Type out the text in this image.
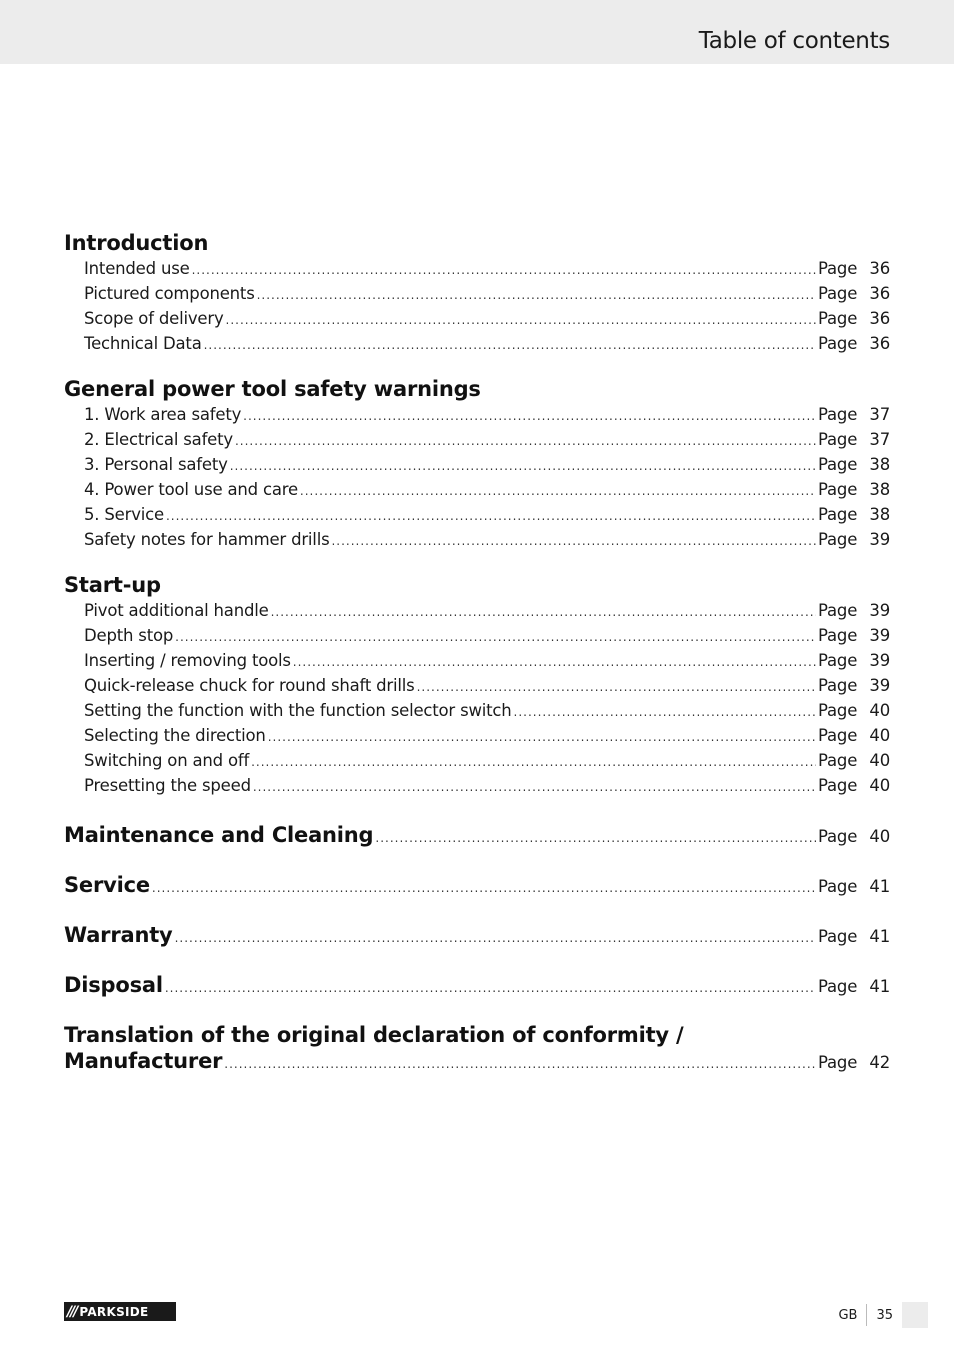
Table of contents
Introduction
Intended use .....	Page 36
Pictured components .....	Page 36
Scope of delivery .....	Page 36
Technical Data .....	Page 36
General power tool safety warnings
1. Work area safety .....	Page 37
2. Electrical safety .....	Page 37
3. Personal safety .....	Page 38
4. Power tool use and care .....	Page 38
5. Service .....	Page 38
Safety notes for hammer drills .....	Page 39
Start-up
Pivot additional handle .....	Page 39
Depth stop .....	Page 39
Inserting / removing tools .....	Page 39
Quick-release chuck for round shaft drills .....	Page 39
Setting the function with the function selector switch .....	Page 40
Selecting the direction .....	Page 40
Switching on and off .....	Page 40
Presetting the speed .....	Page 40
Maintenance and Cleaning .....	Page 40
Service .....	Page 41
Warranty .....	Page 41
Disposal .....	Page 41
Translation of the original declaration of conformity /
Manufacturer .....	Page 42
/// PARKSIDE	GB	35
